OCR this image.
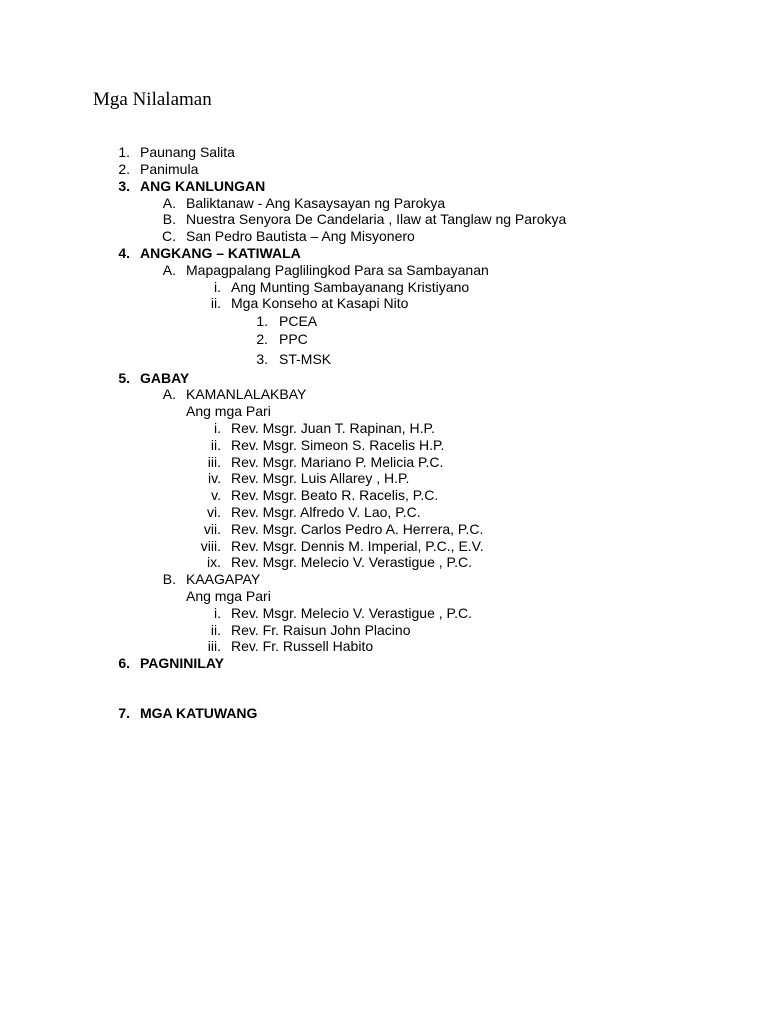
Mga Nilalaman
1. Paunang Salita
2. Panimula
3. ANG KANLUNGAN
A. Baliktanaw - Ang Kasaysayan ng Parokya
B. Nuestra Senyora De Candelaria , Ilaw at Tanglaw ng Parokya
C. San Pedro Bautista – Ang Misyonero
4. ANGKANG – KATIWALA
A. Mapagpalang Paglilingkod Para sa Sambayanan
i. Ang Munting Sambayanang Kristiyano
ii. Mga Konseho at Kasapi Nito
1. PCEA
2. PPC
3. ST-MSK
5. GABAY
A. KAMANLALAKBAY
Ang mga Pari
i. Rev. Msgr. Juan T. Rapinan, H.P.
ii. Rev. Msgr. Simeon S. Racelis H.P.
iii. Rev. Msgr. Mariano P. Melicia P.C.
iv. Rev. Msgr. Luis Allarey , H.P.
v. Rev. Msgr. Beato R. Racelis, P.C.
vi. Rev. Msgr. Alfredo V. Lao, P.C.
vii. Rev. Msgr. Carlos Pedro A. Herrera, P.C.
viii. Rev. Msgr. Dennis M. Imperial, P.C., E.V.
ix. Rev. Msgr. Melecio V. Verastigue , P.C.
B. KAAGAPAY
Ang mga Pari
i. Rev. Msgr. Melecio V. Verastigue , P.C.
ii. Rev. Fr. Raisun John Placino
iii. Rev. Fr. Russell Habito
6. PAGNINILAY
7. MGA KATUWANG
